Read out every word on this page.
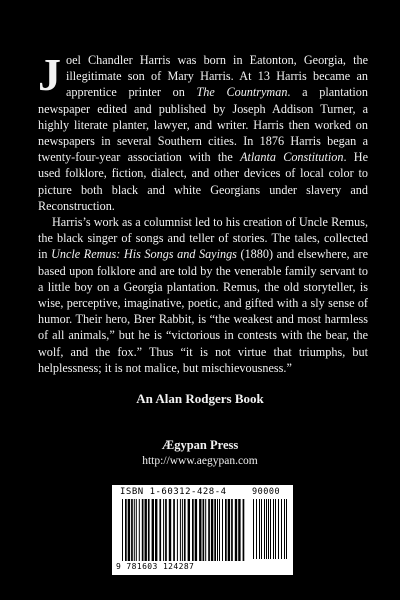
Joel Chandler Harris was born in Eatonton, Georgia, the illegitimate son of Mary Harris. At 13 Harris became an apprentice printer on The Countryman. a plantation newspaper edited and published by Joseph Addison Turner, a highly literate planter, lawyer, and writer. Harris then worked on newspapers in several Southern cities. In 1876 Harris began a twenty-four-year association with the Atlanta Constitution. He used folklore, fiction, dialect, and other devices of local color to picture both black and white Georgians under slavery and Reconstruction.

Harris’s work as a columnist led to his creation of Uncle Remus, the black singer of songs and teller of stories. The tales, collected in Uncle Remus: His Songs and Sayings (1880) and elsewhere, are based upon folklore and are told by the venerable family servant to a little boy on a Georgia plantation. Remus, the old storyteller, is wise, perceptive, imaginative, poetic, and gifted with a sly sense of humor. Their hero, Brer Rabbit, is “the weakest and most harmless of all animals,” but he is “victorious in contests with the bear, the wolf, and the fox.” Thus “it is not virtue that triumphs, but helplessness; it is not malice, but mischievousness.”

An Alan Rodgers Book
Ægypan Press
http://www.aegypan.com
ISBN 1-60312-428-4	90000
9 781603 124287
